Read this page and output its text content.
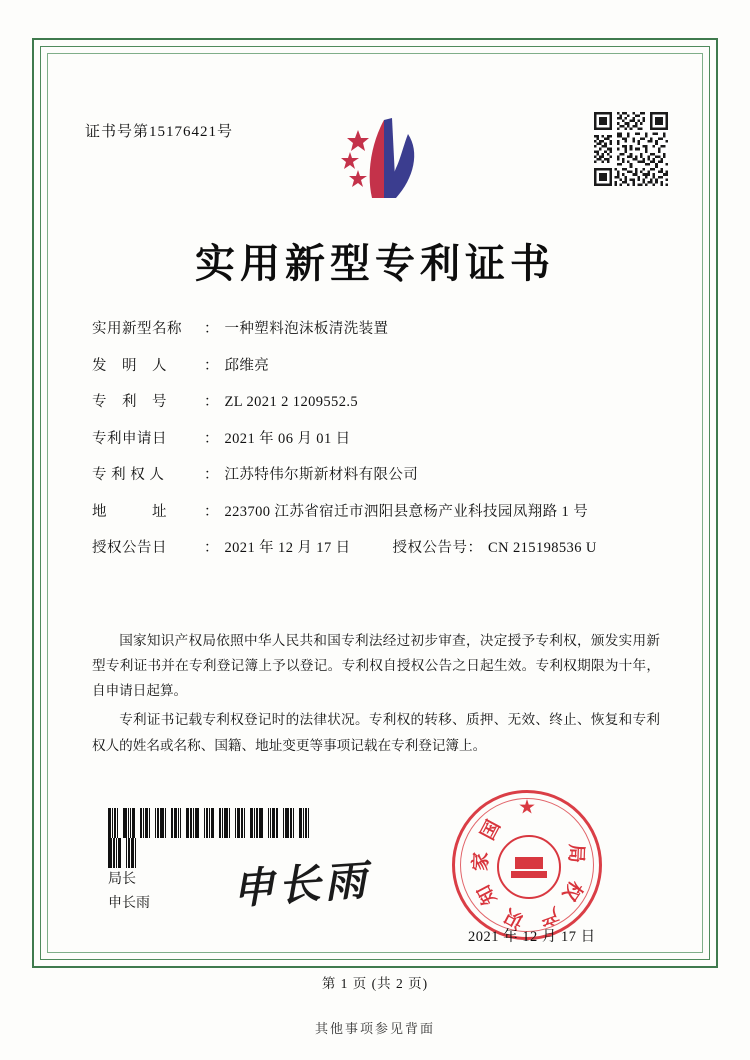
证书号第15176421号
实用新型专利证书
实用新型名称	： 一种塑料泡沫板清洗装置
发　明　人	： 邱维亮
专　利　号	： ZL 2021 2 1209552.5
专利申请日	： 2021 年 06 月 01 日
专 利 权 人	： 江苏特伟尔斯新材料有限公司
地　　　址	： 223700 江苏省宿迁市泗阳县意杨产业科技园凤翔路 1 号
授权公告日	： 2021 年 12 月 17 日	授权公告号 ： CN 215198536 U

国家知识产权局依照中华人民共和国专利法经过初步审查，决定授予专利权，颁发实用新型专利证书并在专利登记簿上予以登记。专利权自授权公告之日起生效。专利权期限为十年，自申请日起算。

专利证书记载专利权登记时的法律状况。专利权的转移、质押、无效、终止、恢复和专利权人的姓名或名称、国籍、地址变更等事项记载在专利登记簿上。

局长
申长雨 申长雨
国
家
知
识 产
权
局
2021 年 12 月 17 日
第 1 页 (共 2 页)
其他事项参见背面
